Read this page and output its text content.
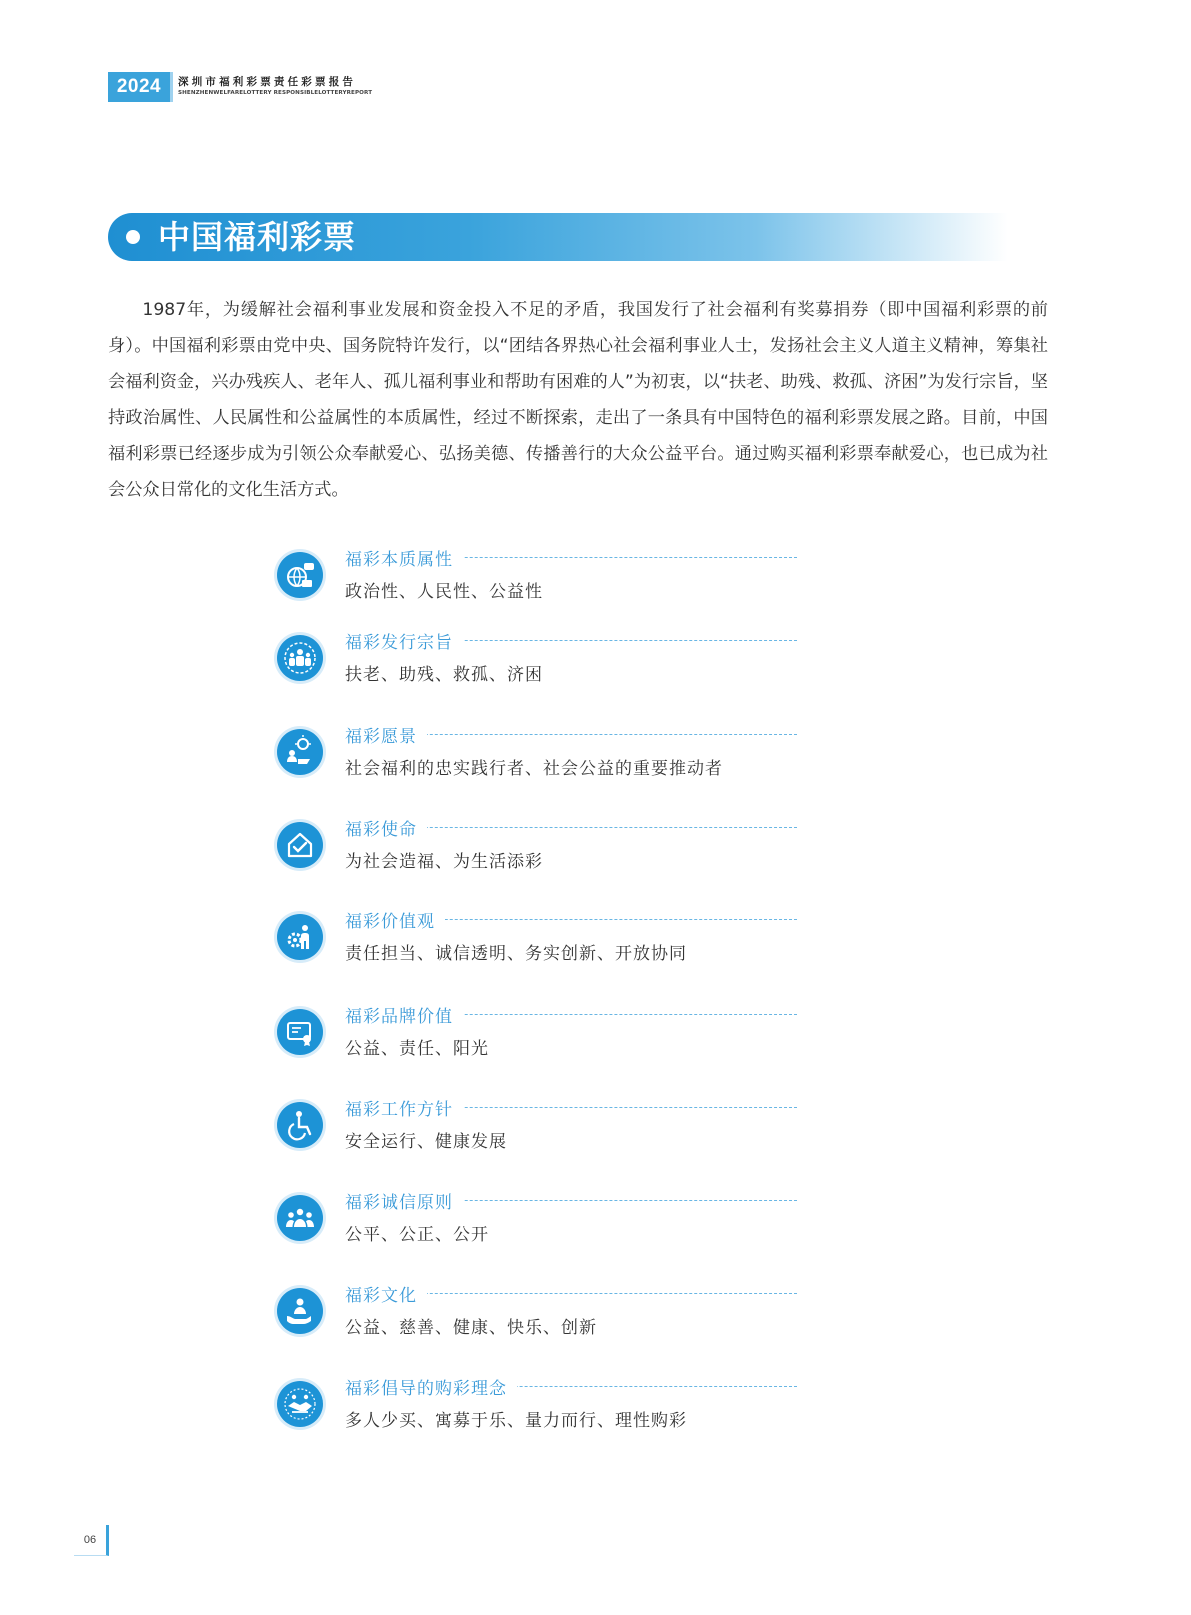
2024	深圳市福利彩票责任彩票报告
SHENZHENWELFARELOTTERY RESPONSIBLELOTTERYREPORT
中国福利彩票

1987年，为缓解社会福利事业发展和资金投入不足的矛盾，我国发行了社会福利有奖募捐券（即中国福利彩票的前身）。中国福利彩票由党中央、国务院特许发行，以“团结各界热心社会福利事业人士，发扬社会主义人道主义精神，筹集社会福利资金，兴办残疾人、老年人、孤儿福利事业和帮助有困难的人”为初衷，以“扶老、助残、救孤、济困”为发行宗旨，坚持政治属性、人民属性和公益属性的本质属性，经过不断探索，走出了一条具有中国特色的福利彩票发展之路。目前，中国福利彩票已经逐步成为引领公众奉献爱心、弘扬美德、传播善行的大众公益平台。通过购买福利彩票奉献爱心，也已成为社会公众日常化的文化生活方式。

福彩本质属性
政治性、人民性、公益性
福彩发行宗旨
扶老、助残、救孤、济困
福彩愿景
社会福利的忠实践行者、社会公益的重要推动者
福彩使命
为社会造福、为生活添彩
福彩价值观
责任担当、诚信透明、务实创新、开放协同
福彩品牌价值
公益、责任、阳光
福彩工作方针
安全运行、健康发展
福彩诚信原则
公平、公正、公开
福彩文化
公益、慈善、健康、快乐、创新
福彩倡导的购彩理念
多人少买、寓募于乐、量力而行、理性购彩
06
